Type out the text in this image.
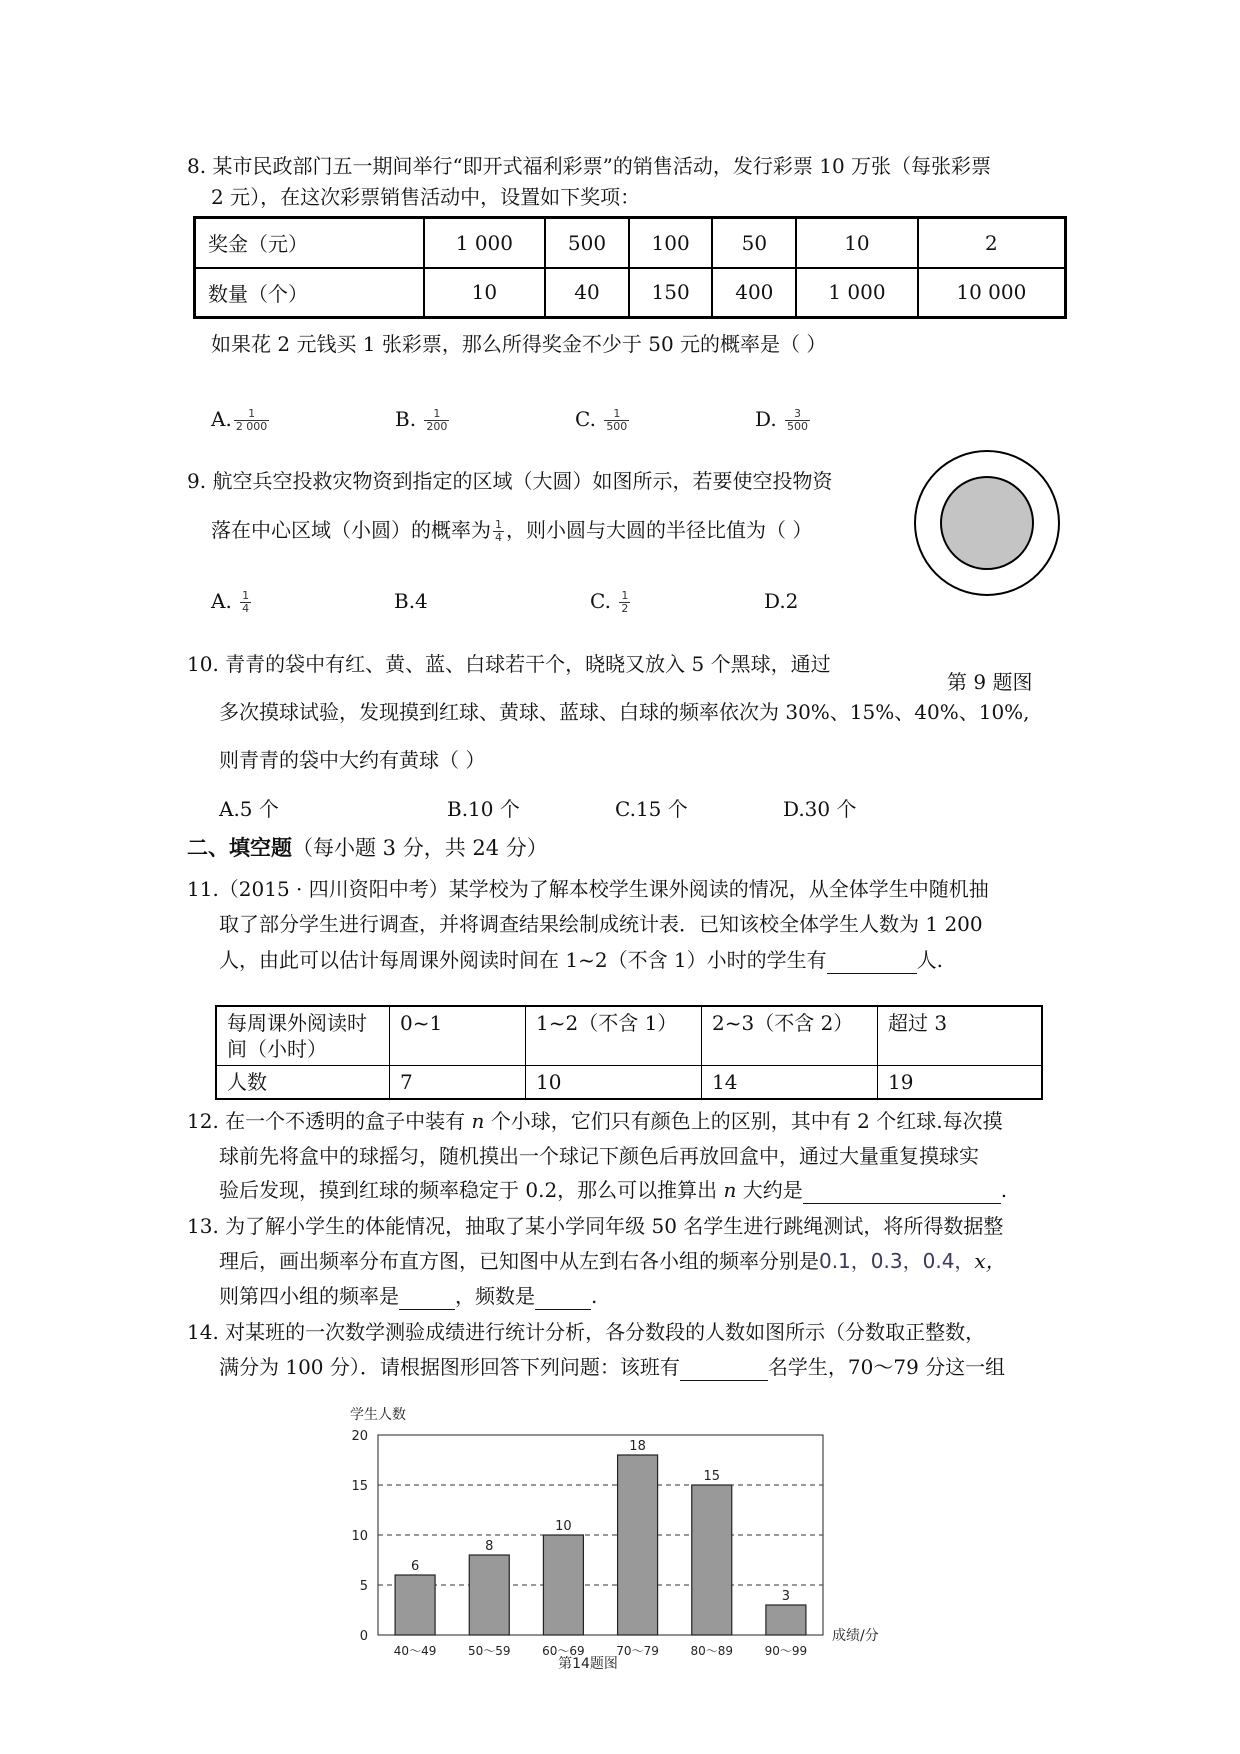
8. 某市民政部门五一期间举行“即开式福利彩票”的销售活动，发行彩票 10 万张（每张彩票
2 元），在这次彩票销售活动中，设置如下奖项：
奖金（元）	1 000	500	100	50	10	2
数量（个）	10	40	150	400	1 000	10 000
如果花 2 元钱买 1 张彩票，那么所得奖金不少于 50 元的概率是（ ）
A. $\frac{1}{2 000}$	B. $\frac{1}{200}$	C. $\frac{1}{500}$	D. $\frac{3}{500}$
9. 航空兵空投救灾物资到指定的区域（大圆）如图所示，若要使空投物资
落在中心区域（小圆）的概率为 $\frac{1}{4}$ ，则小圆与大圆的半径比值为（ ）
A. $\frac{1}{4}$	B.4	C. $\frac{1}{2}$	D.2
10. 青青的袋中有红、黄、蓝、白球若干个，晓晓又放入 5 个黑球，通过
第 9 题图
多次摸球试验，发现摸到红球、黄球、蓝球、白球的频率依次为 30%、15%、40%、10%,
则青青的袋中大约有黄球（ ）
A.5 个	B.10 个	C.15 个	D.30 个
二、填空题（每小题 3 分，共 24 分）
11.（2015 · 四川资阳中考）某学校为了解本校学生课外阅读的情况，从全体学生中随机抽
取了部分学生进行调查，并将调查结果绘制成统计表．已知该校全体学生人数为 1 200
人，由此可以估计每周课外阅读时间在 1~2（不含 1）小时的学生有	人.
每周课外阅读时间（小时）	0~1	1~2（不含 1）	2~3（不含 2）	超过 3
人数	7	10	14	19
12. 在一个不透明的盒子中装有 n 个小球，它们只有颜色上的区别，其中有 2 个红球.每次摸
球前先将盒中的球摇匀，随机摸出一个球记下颜色后再放回盒中，通过大量重复摸球实
验后发现，摸到红球的频率稳定于 0.2，那么可以推算出 n 大约是	.
13. 为了解小学生的体能情况，抽取了某小学同年级 50 名学生进行跳绳测试，将所得数据整
理后，画出频率分布直方图，已知图中从左到右各小组的频率分别是0.1，0.3，0.4，x，
则第四小组的频率是	，频数是	.
14. 对某班的一次数学测验成绩进行统计分析，各分数段的人数如图所示（分数取正整数，
满分为 100 分）．请根据图形回答下列问题：该班有	名学生，70～79 分这一组
学生人数
0
5
10
15
20
6
8
10
18
15
3
40～49	50～59	60～69	70～79	80～89	90～99
成绩/分
第14题图
